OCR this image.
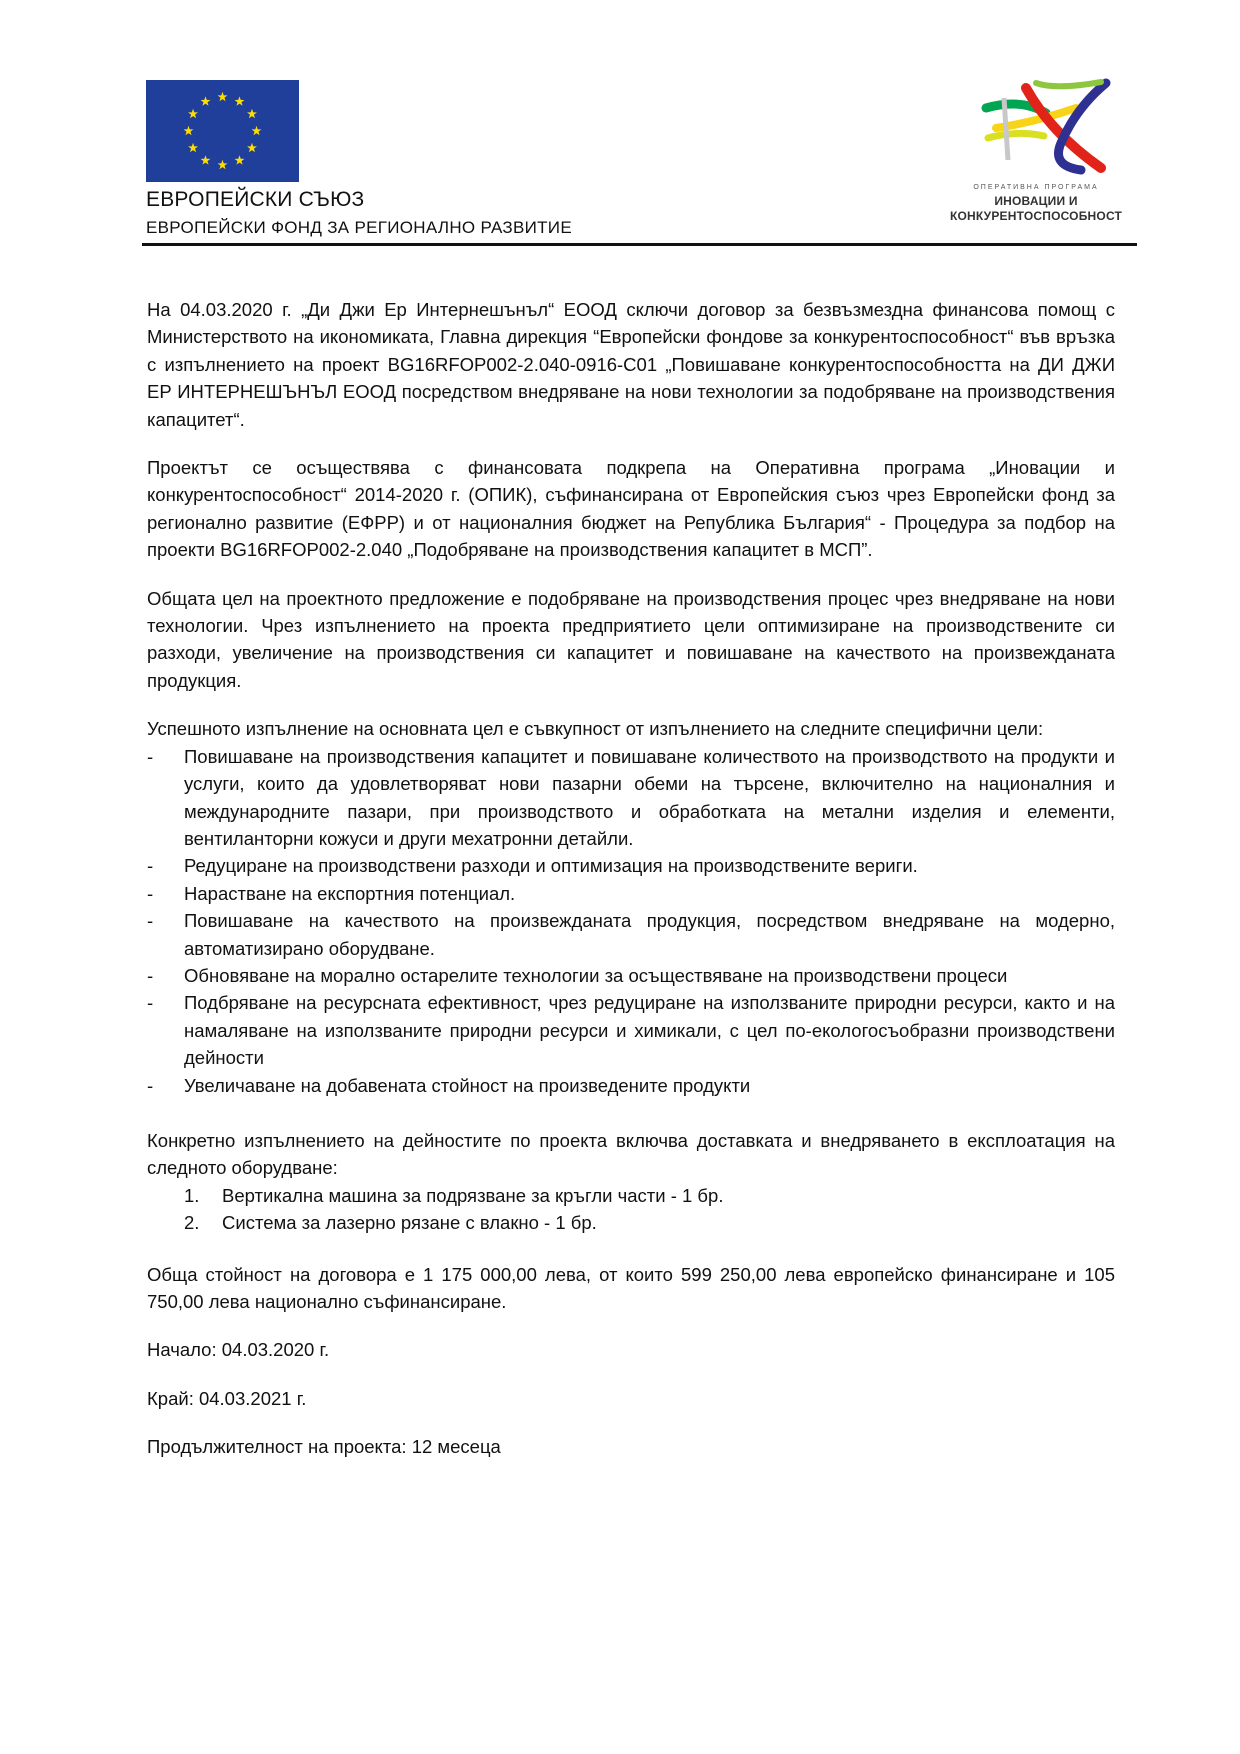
ЕВРОПЕЙСКИ СЪЮЗ
ЕВРОПЕЙСКИ ФОНД ЗА РЕГИОНАЛНО РАЗВИТИЕ
ОПЕРАТИВНА ПРОГРАМА
ИНОВАЦИИ И
КОНКУРЕНТОСПОСОБНОСТ

На 04.03.2020 г. „Ди Джи Ер Интернешънъл“ ЕООД сключи договор за безвъзмездна финансова помощ с Министерството на икономиката, Главна дирекция “Европейски фондове за конкурентоспособност“ във връзка с изпълнението на проект BG16RFOP002-2.040-0916-C01 „Повишаване конкурентоспособността на ДИ ДЖИ ЕР ИНТЕРНЕШЪНЪЛ ЕООД посредством внедряване на нови технологии за подобряване на производствения капацитет“.

Проектът се осъществява с финансовата подкрепа на Оперативна програма „Иновации и конкурентоспособност“ 2014-2020 г. (ОПИК), съфинансирана от Европейския съюз чрез Европейски фонд за регионално развитие (ЕФРР) и от националния бюджет на Република България“ - Процедура за подбор на проекти BG16RFOP002-2.040 „Подобряване на производствения капацитет в МСП”.

Общата цел на проектното предложение е подобряване на производствения процес чрез внедряване на нови технологии. Чрез изпълнението на проекта предприятието цели оптимизиране на производствените си разходи, увеличение на производствения си капацитет и повишаване на качеството на произвежданата продукция.

Успешното изпълнение на основната цел е съвкупност от изпълнението на следните специфични цели:

- Повишаване на производствения капацитет и повишаване количеството на производството на продукти и услуги, които да удовлетворяват нови пазарни обеми на търсене, включително на националния и международните пазари, при производството и обработката на метални изделия и елементи, вентиланторни кожуси и други мехатронни детайли.
- Редуциране на производствени разходи и оптимизация на производствените вериги.
- Нарастване на експортния потенциал.
- Повишаване на качеството на произвежданата продукция, посредством внедряване на модерно, автоматизирано оборудване.
- Обновяване на морално остарелите технологии за осъществяване на производствени процеси
- Подбряване на ресурсната ефективност, чрез редуциране на използваните природни ресурси, както и на намаляване на използваните природни ресурси и химикали, с цел по-екологосъобразни производствени дейности
- Увеличаване на добавената стойност на произведените продукти

Конкретно изпълнението на дейностите по проекта включва доставката и внедряването в експлоатация на следното оборудване:

1. Вертикална машина за подрязване за кръгли части - 1 бр.
2. Система за лазерно рязане с влакно - 1 бр.

Обща стойност на договора е 1 175 000,00 лева, от които 599 250,00 лева европейско финансиране и 105 750,00 лева национално съфинансиране.

Начало: 04.03.2020 г.
Край: 04.03.2021 г.
Продължителност на проекта: 12 месеца
